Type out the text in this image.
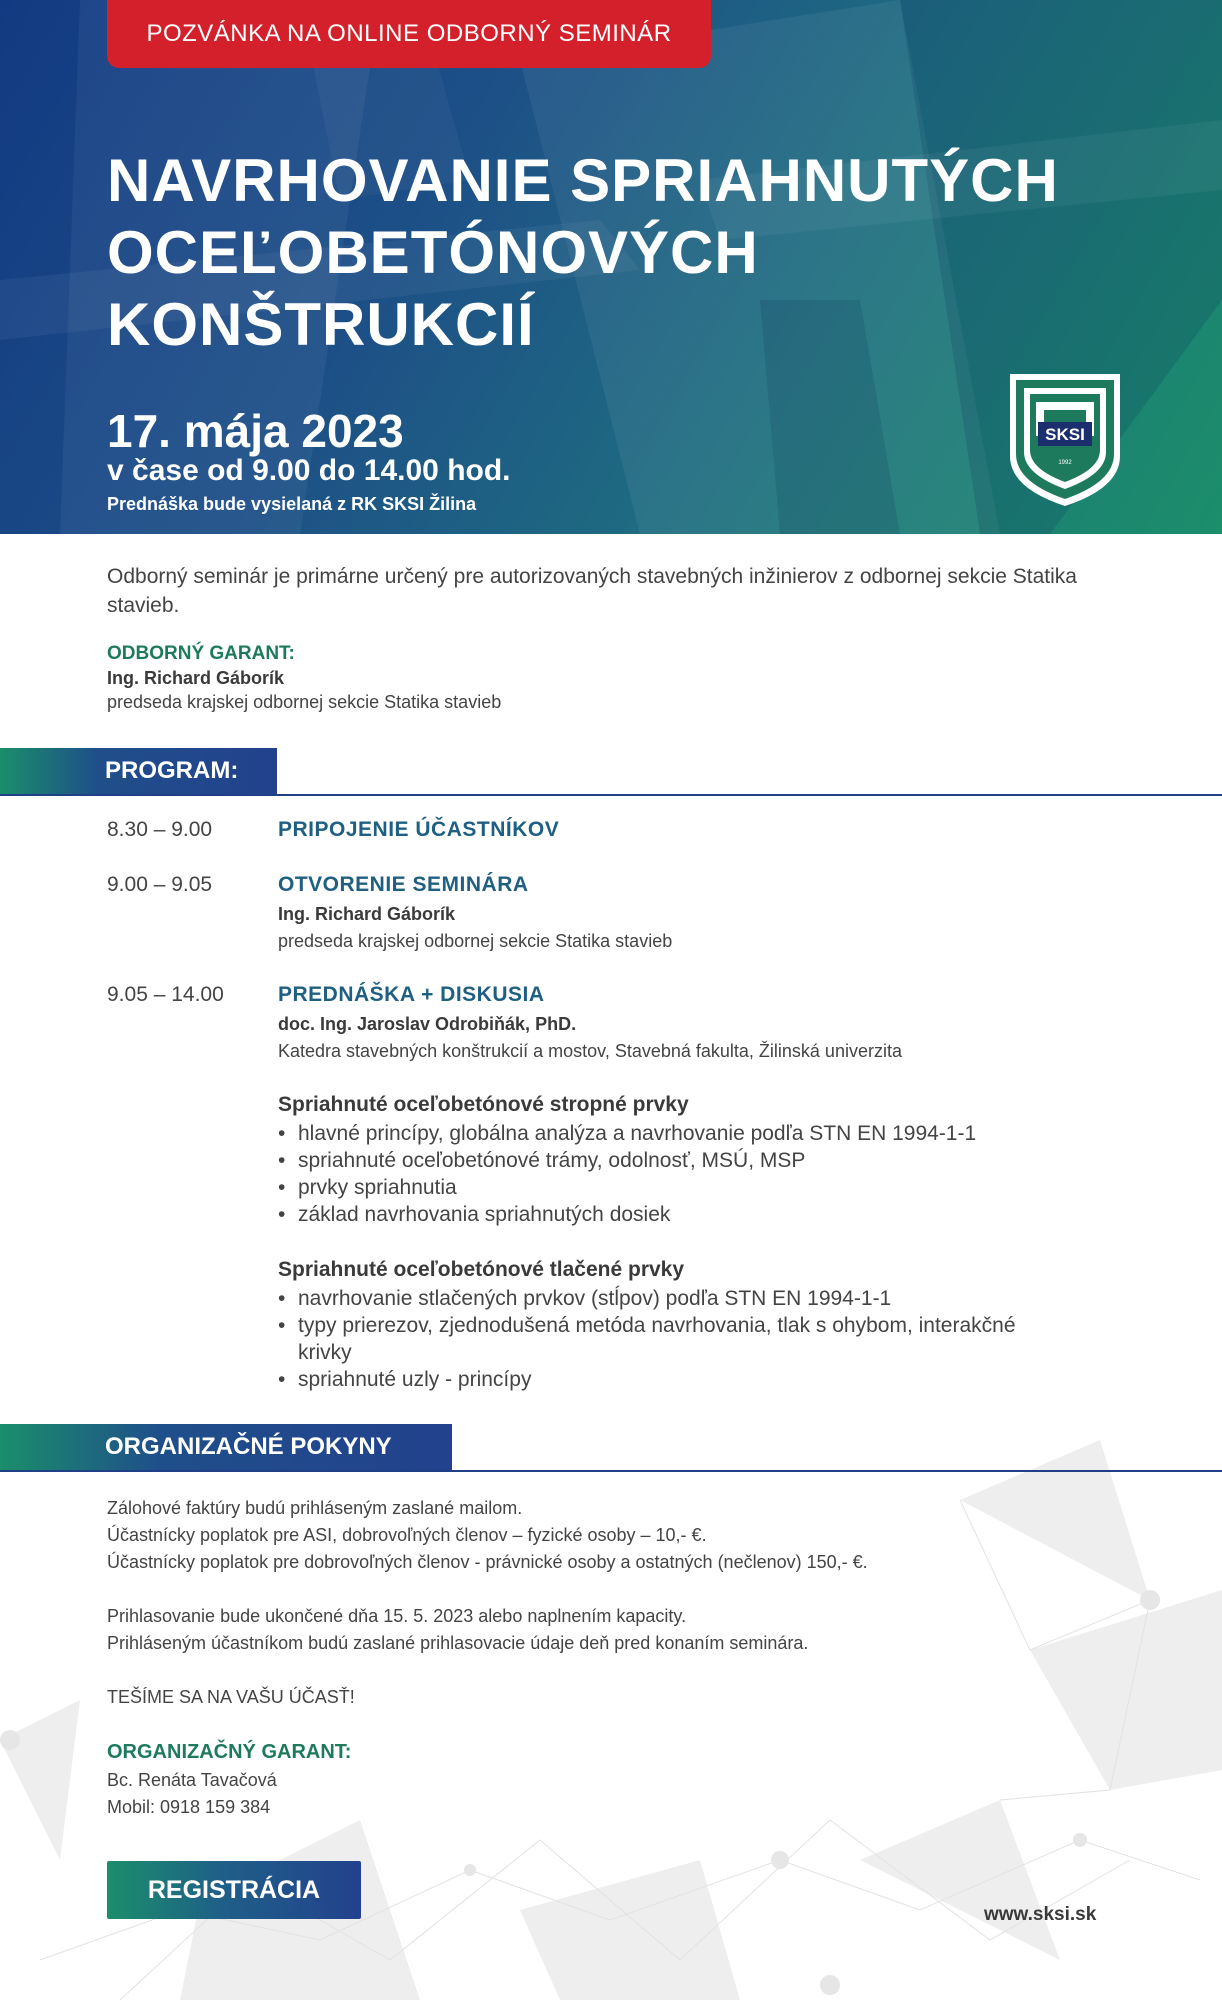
POZVÁNKA NA ONLINE ODBORNÝ SEMINÁR
NAVRHOVANIE SPRIAHNUTÝCH
OCEĽOBETÓNOVÝCH
KONŠTRUKCIÍ
17. mája 2023
v čase od 9.00 do 14.00 hod.
Prednáška bude vysielaná z RK SKSI Žilina
SKSI
1992
Odborný seminár je primárne určený pre autorizovaných stavebných inžinierov z odbornej sekcie Statika stavieb.
ODBORNÝ GARANT:
Ing. Richard Gáborík
predseda krajskej odbornej sekcie Statika stavieb
PROGRAM:
8.30 – 9.00	PRIPOJENIE ÚČASTNÍKOV
9.00 – 9.05	OTVORENIE SEMINÁRA
Ing. Richard Gáborík
predseda krajskej odbornej sekcie Statika stavieb
9.05 – 14.00	PREDNÁŠKA + DISKUSIA
doc. Ing. Jaroslav Odrobiňák, PhD.
Katedra stavebných konštrukcií a mostov, Stavebná fakulta, Žilinská univerzita
Spriahnuté oceľobetónové stropné prvky
• hlavné princípy, globálna analýza a navrhovanie podľa STN EN 1994-1-1
• spriahnuté oceľobetónové trámy, odolnosť, MSÚ, MSP
• prvky spriahnutia
• základ navrhovania spriahnutých dosiek
Spriahnuté oceľobetónové tlačené prvky
• navrhovanie stlačených prvkov (stĺpov) podľa STN EN 1994-1-1
• typy prierezov, zjednodušená metóda navrhovania, tlak s ohybom, interakčné krivky
• spriahnuté uzly - princípy
ORGANIZAČNÉ POKYNY
Zálohové faktúry budú prihláseným zaslané mailom.
Účastnícky poplatok pre ASI, dobrovoľných členov – fyzické osoby – 10,- €.
Účastnícky poplatok pre dobrovoľných členov - právnické osoby a ostatných (nečlenov) 150,- €.
Prihlasovanie bude ukončené dňa 15. 5. 2023 alebo naplnením kapacity.
Prihláseným účastníkom budú zaslané prihlasovacie údaje deň pred konaním seminára.
TEŠÍME SA NA VAŠU ÚČASŤ!
ORGANIZAČNÝ GARANT:
Bc. Renáta Tavačová
Mobil: 0918 159 384
REGISTRÁCIA
www.sksi.sk
